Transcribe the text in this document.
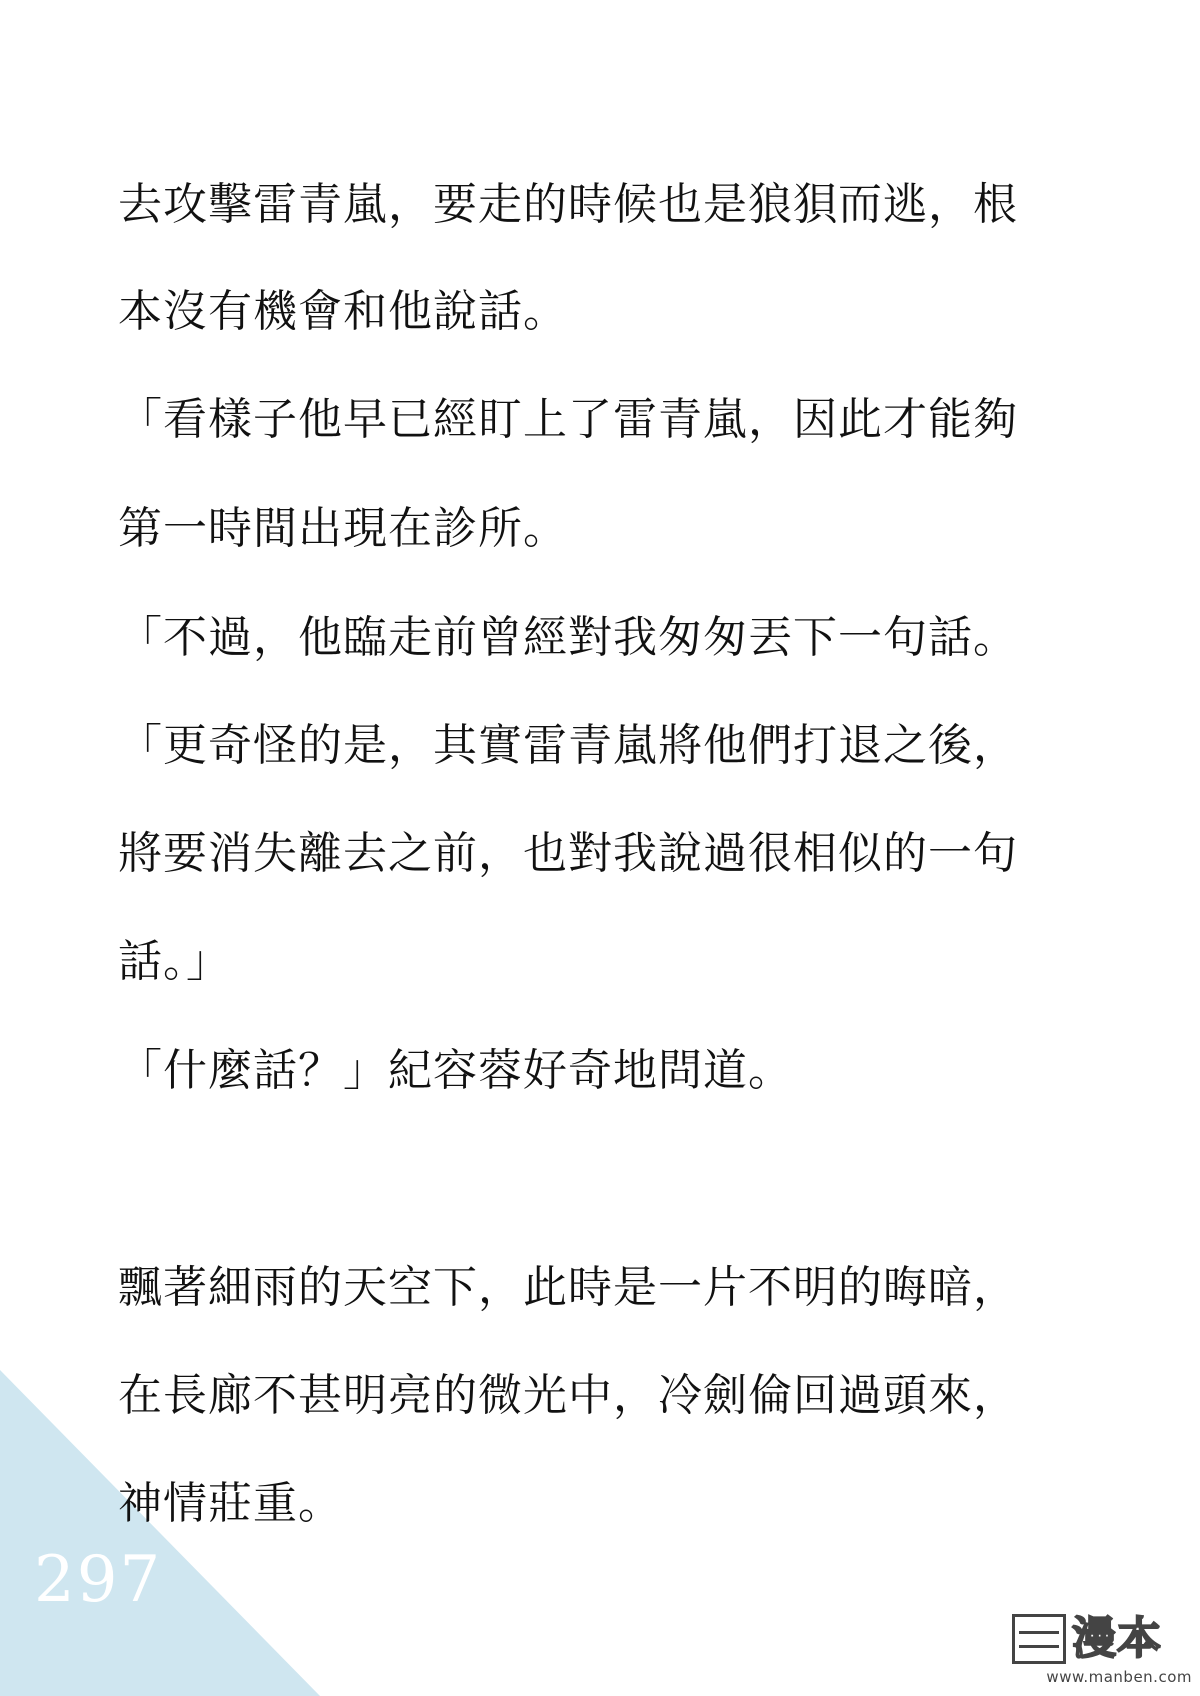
去攻擊雷青嵐，要走的時候也是狼狽而逃，根

本沒有機會和他說話。

「看樣子他早已經盯上了雷青嵐，因此才能夠

第一時間出現在診所。

「不過，他臨走前曾經對我匆匆丟下一句話。

「更奇怪的是，其實雷青嵐將他們打退之後，

將要消失離去之前，也對我說過很相似的一句

話。」

「什麼話？」紀容蓉好奇地問道。

飄著細雨的天空下，此時是一片不明的晦暗，

在長廊不甚明亮的微光中，冷劍倫回過頭來，

神情莊重。

297
漫本
www.manben.com
